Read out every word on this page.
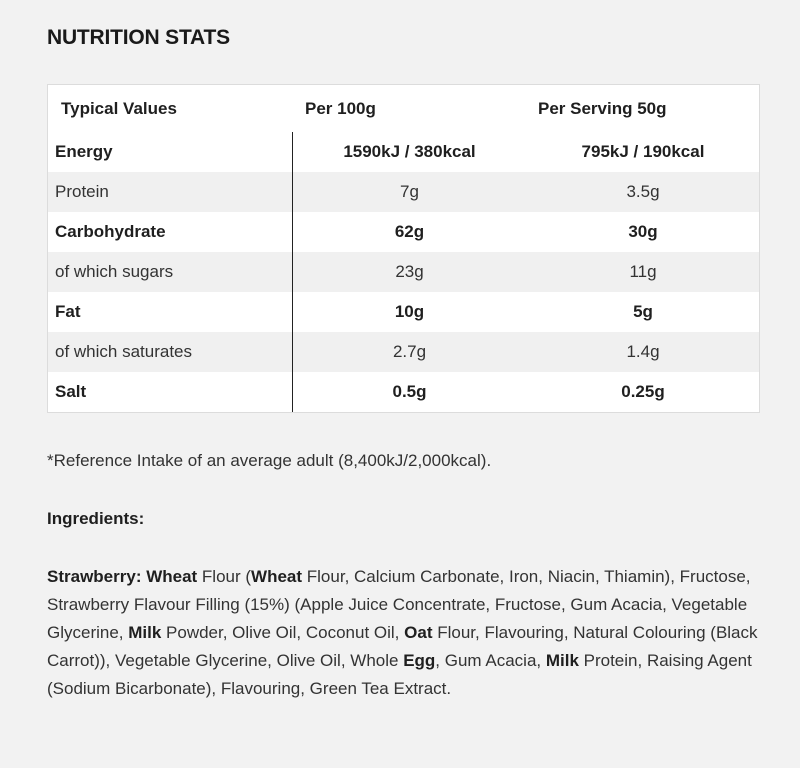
NUTRITION STATS
Typical Values	Per 100g	Per Serving 50g
Energy	1590kJ / 380kcal	795kJ / 190kcal
Protein	7g	3.5g
Carbohydrate	62g	30g
of which sugars	23g	11g
Fat	10g	5g
of which saturates	2.7g	1.4g
Salt	0.5g	0.25g
*Reference Intake of an average adult (8,400kJ/2,000kcal).
Ingredients:
Strawberry: Wheat Flour (Wheat Flour, Calcium Carbonate, Iron, Niacin, Thiamin), Fructose, Strawberry Flavour Filling (15%) (Apple Juice Concentrate, Fructose, Gum Acacia, Vegetable Glycerine, Milk Powder, Olive Oil, Coconut Oil, Oat Flour, Flavouring, Natural Colouring (Black Carrot)), Vegetable Glycerine, Olive Oil, Whole Egg, Gum Acacia, Milk Protein, Raising Agent (Sodium Bicarbonate), Flavouring, Green Tea Extract.
